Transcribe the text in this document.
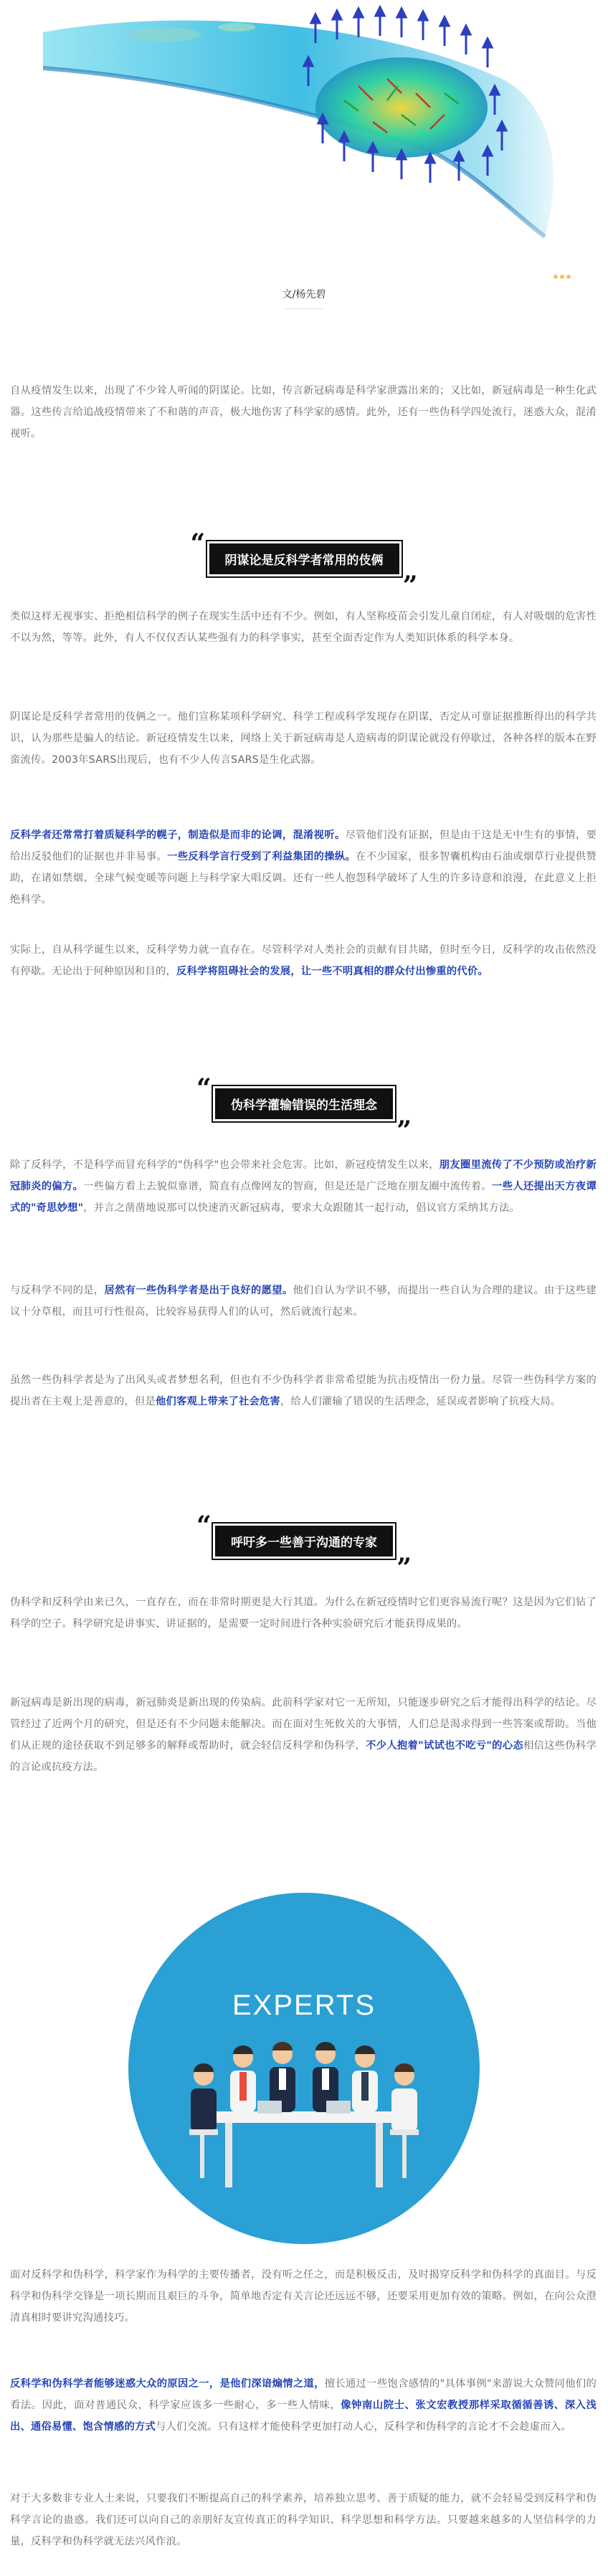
文/杨先碧

自从疫情发生以来，出现了不少耸人听闻的阴谋论。比如，传言新冠病毒是科学家泄露出来的；又比如，新冠病毒是一种生化武器。这些传言给追战疫情带来了不和谐的声音，极大地伤害了科学家的感情。此外，还有一些伪科学四处流行，迷惑大众，混淆视听。

“
阴谋论是反科学者常用的伎俩
”

类似这样无视事实、拒绝相信科学的例子在现实生活中还有不少。例如，有人坚称疫苗会引发儿童自闭症，有人对吸烟的危害性不以为然，等等。此外，有人不仅仅否认某些强有力的科学事实，甚至全面否定作为人类知识体系的科学本身。

阴谋论是反科学者常用的伎俩之一。他们宣称某项科学研究、科学工程或科学发现存在阴谋，否定从可靠证据推断得出的科学共识，认为那些是骗人的结论。新冠疫情发生以来，网络上关于新冠病毒是人造病毒的阴谋论就没有停歇过，各种各样的版本在野蛮流传。2003年SARS出现后，也有不少人传言SARS是生化武器。

反科学者还常常打着质疑科学的幌子，制造似是而非的论调，混淆视听。尽管他们没有证据，但是由于这是无中生有的事情，要给出反驳他们的证据也并非易事。一些反科学言行受到了利益集团的操纵。在不少国家，很多智囊机构由石油或烟草行业提供赞助，在诸如禁烟、全球气候变暖等问题上与科学家大唱反调。还有一些人抱怨科学破坏了人生的许多诗意和浪漫，在此意义上拒绝科学。

实际上，自从科学诞生以来，反科学势力就一直存在。尽管科学对人类社会的贡献有目共睹，但时至今日，反科学的攻击依然没有停歇。无论出于何种原因和目的，反科学将阻碍社会的发展，让一些不明真相的群众付出惨重的代价。

“
伪科学灌输错误的生活理念
”

除了反科学，不是科学而冒充科学的"伪科学"也会带来社会危害。比如，新冠疫情发生以来，朋友圈里流传了不少预防或治疗新冠肺炎的偏方。一些偏方看上去貌似靠谱，简直有点像网友的智商，但是还是广泛地在朋友圈中流传着。一些人还提出天方夜谭式的"奇思妙想"，并言之凿凿地说那可以快速消灭新冠病毒，要求大众跟随其一起行动，倡议官方采纳其方法。

与反科学不同的是，居然有一些伪科学者是出于良好的愿望。他们自认为学识不够，而提出一些自认为合理的建议。由于这些建议十分草根，而且可行性很高，比较容易获得人们的认可，然后就流行起来。

虽然一些伪科学者是为了出风头或者梦想名利，但也有不少伪科学者非常希望能为抗击疫情出一份力量。尽管一些伪科学方案的提出者在主观上是善意的，但是他们客观上带来了社会危害，给人们灌输了错误的生活理念，延误或者影响了抗疫大局。

“
呼吁多一些善于沟通的专家
”

伪科学和反科学由来已久，一直存在，而在非常时期更是大行其道。为什么在新冠疫情时它们更容易流行呢？这是因为它们钻了科学的空子。科学研究是讲事实、讲证据的，是需要一定时间进行各种实验研究后才能获得成果的。

新冠病毒是新出现的病毒，新冠肺炎是新出现的传染病。此前科学家对它一无所知，只能逐步研究之后才能得出科学的结论。尽管经过了近两个月的研究，但是还有不少问题未能解决。而在面对生死攸关的大事情，人们总是渴求得到一些答案或帮助。当他们从正规的途径获取不到足够多的解释或帮助时，就会轻信反科学和伪科学，不少人抱着"试试也不吃亏"的心态相信这些伪科学的言论或抗疫方法。

EXPERTS

面对反科学和伪科学，科学家作为科学的主要传播者，没有听之任之，而是积极反击，及时揭穿反科学和伪科学的真面目。与反科学和伪科学交锋是一项长期而且艰巨的斗争，简单地否定有关言论还远远不够，还要采用更加有效的策略。例如，在向公众澄清真相时要讲究沟通技巧。

反科学和伪科学者能够迷惑大众的原因之一，是他们深谙煽情之道，擅长通过一些饱含感情的"具体事例"来游说大众赞同他们的看法。因此，面对普通民众，科学家应该多一些耐心，多一些人情味，像钟南山院士、张文宏教授那样采取循循善诱、深入浅出、通俗易懂、饱含情感的方式与人们交流。只有这样才能使科学更加打动人心，反科学和伪科学的言论才不会趁虚而入。

对于大多数非专业人士来说，只要我们不断提高自己的科学素养，培养独立思考、善于质疑的能力，就不会轻易受到反科学和伪科学言论的蛊惑。我们还可以向自己的亲朋好友宣传真正的科学知识、科学思想和科学方法。只要越来越多的人坚信科学的力量，反科学和伪科学就无法兴风作浪。
